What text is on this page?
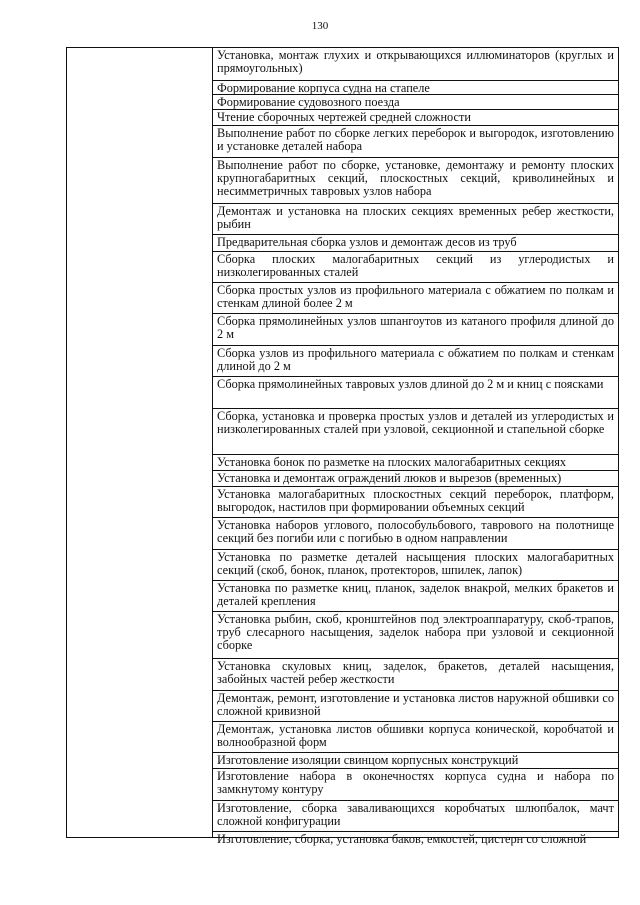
130
Установка, монтаж глухих и открывающихся иллюминаторов (круглых и прямоугольных)
Формирование корпуса судна на стапеле
Формирование судовозного поезда
Чтение сборочных чертежей средней сложности
Выполнение работ по сборке легких переборок и выгородок, изготовлению и установке деталей набора
Выполнение работ по сборке, установке, демонтажу и ремонту плоских крупногабаритных секций, плоскостных секций, криволинейных и несимметричных тавровых узлов набора
Демонтаж и установка на плоских секциях временных ребер жесткости, рыбин
Предварительная сборка узлов и демонтаж десов из труб
Сборка плоских малогабаритных секций из углеродистых и низколегированных сталей
Сборка простых узлов из профильного материала с обжатием по полкам и стенкам длиной более 2 м
Сборка прямолинейных узлов шпангоутов из катаного профиля длиной до 2 м
Сборка узлов из профильного материала с обжатием по полкам и стенкам длиной до 2 м
Сборка прямолинейных тавровых узлов длиной до 2 м и книц с поясками
Сборка, установка и проверка простых узлов и деталей из углеродистых и низколегированных сталей при узловой, секционной и стапельной сборке
Установка бонок по разметке на плоских малогабаритных секциях
Установка и демонтаж ограждений люков и вырезов (временных)
Установка малогабаритных плоскостных секций переборок, платформ, выгородок, настилов при формировании объемных секций
Установка наборов углового, полособульбового, таврового на полотнище секций без погиби или с погибью в одном направлении
Установка по разметке деталей насыщения плоских малогабаритных секций (скоб, бонок, планок, протекторов, шпилек, лапок)
Установка по разметке книц, планок, заделок внакрой, мелких бракетов и деталей крепления
Установка рыбин, скоб, кронштейнов под электроаппаратуру, скоб-трапов, труб слесарного насыщения, заделок набора при узловой и секционной сборке
Установка скуловых книц, заделок, бракетов, деталей насыщения, забойных частей ребер жесткости
Демонтаж, ремонт, изготовление и установка листов наружной обшивки со сложной кривизной
Демонтаж, установка листов обшивки корпуса конической, коробчатой и волнообразной форм
Изготовление изоляции свинцом корпусных конструкций
Изготовление набора в оконечностях корпуса судна и набора по замкнутому контуру
Изготовление, сборка заваливающихся коробчатых шлюпбалок, мачт сложной конфигурации
Изготовление, сборка, установка баков, емкостей, цистерн со сложной
